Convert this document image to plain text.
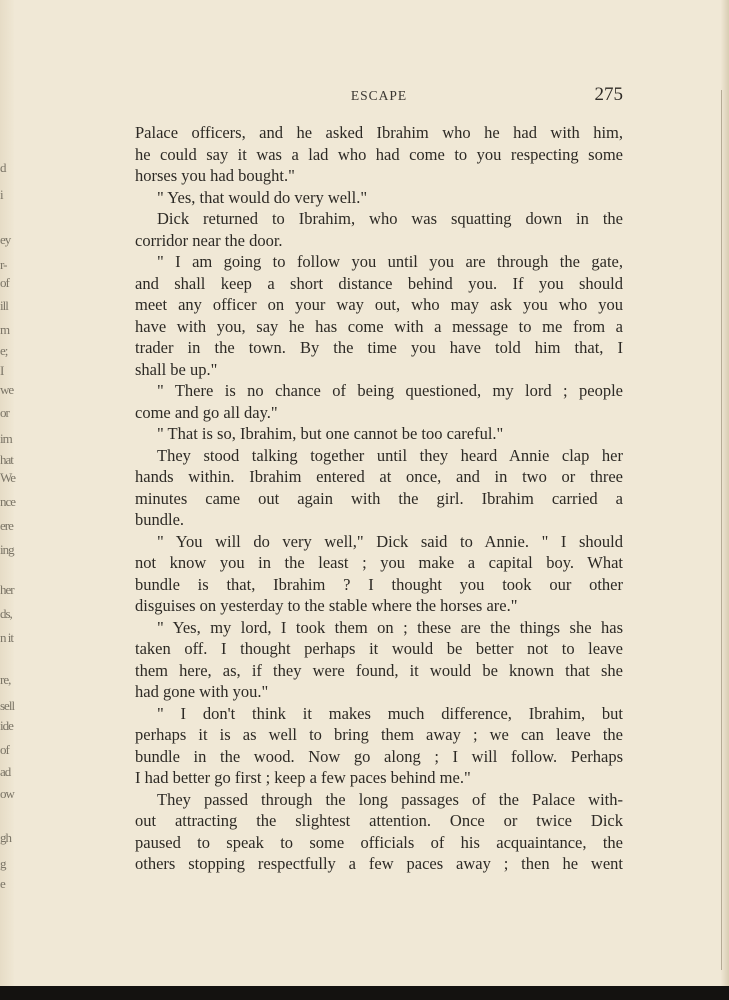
d
i
ey
r-
of
ill
m
e;
I
we
or
im
hat
We
nce
ere
ing
her
ds,
n it
re,
sell
ide
of
ad
ow
gh
g
e
ESCAPE	275
Palace officers, and he asked Ibrahim who he had with him,
he could say it was a lad who had come to you respecting some
horses you had bought."
" Yes, that would do very well."
Dick returned to Ibrahim, who was squatting down in the
corridor near the door.
" I am going to follow you until you are through the gate,
and shall keep a short distance behind you. If you should
meet any officer on your way out, who may ask you who you
have with you, say he has come with a message to me from a
trader in the town. By the time you have told him that, I
shall be up."
" There is no chance of being questioned, my lord ; people
come and go all day."
" That is so, Ibrahim, but one cannot be too careful."
They stood talking together until they heard Annie clap her
hands within. Ibrahim entered at once, and in two or three
minutes came out again with the girl. Ibrahim carried a
bundle.
" You will do very well," Dick said to Annie. " I should
not know you in the least ; you make a capital boy. What
bundle is that, Ibrahim ? I thought you took our other
disguises on yesterday to the stable where the horses are."
" Yes, my lord, I took them on ; these are the things she has
taken off. I thought perhaps it would be better not to leave
them here, as, if they were found, it would be known that she
had gone with you."
" I don't think it makes much difference, Ibrahim, but
perhaps it is as well to bring them away ; we can leave the
bundle in the wood. Now go along ; I will follow. Perhaps
I had better go first ; keep a few paces behind me."
They passed through the long passages of the Palace with-
out attracting the slightest attention. Once or twice Dick
paused to speak to some officials of his acquaintance, the
others stopping respectfully a few paces away ; then he went
